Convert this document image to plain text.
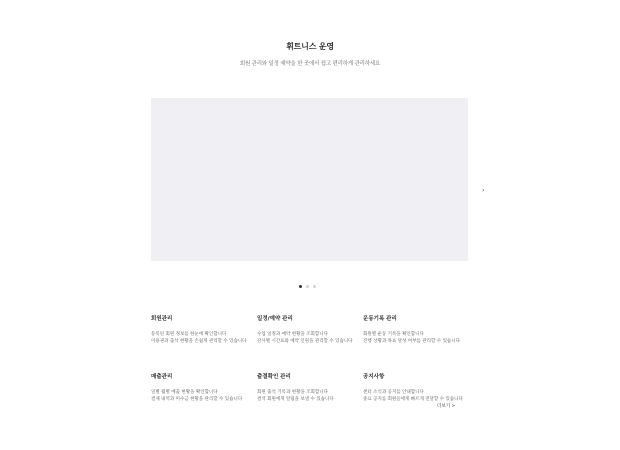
휘트니스 운영
회원 관리와 일정 예약을 한 곳에서 쉽고 편리하게 관리하세요
›
회원관리
등록된 회원 정보를 한눈에 확인합니다
이용권과 출석 현황을 손쉽게 관리할 수 있습니다
일정/예약 관리
수업 일정과 예약 현황을 조회합니다
강사별 시간표와 예약 인원을 관리할 수 있습니다
운동기록 관리
회원별 운동 기록을 확인합니다
진행 상황과 목표 달성 여부를 관리할 수 있습니다
매출관리
일별 월별 매출 현황을 확인합니다
결제 내역과 미수금 현황을 관리할 수 있습니다
출결확인 관리
회원 출석 기록과 현황을 조회합니다
결석 회원에게 알림을 보낼 수 있습니다
공지사항
센터 소식과 공지를 안내합니다
중요 공지를 회원들에게 빠르게 전달할 수 있습니다
더보기 >
